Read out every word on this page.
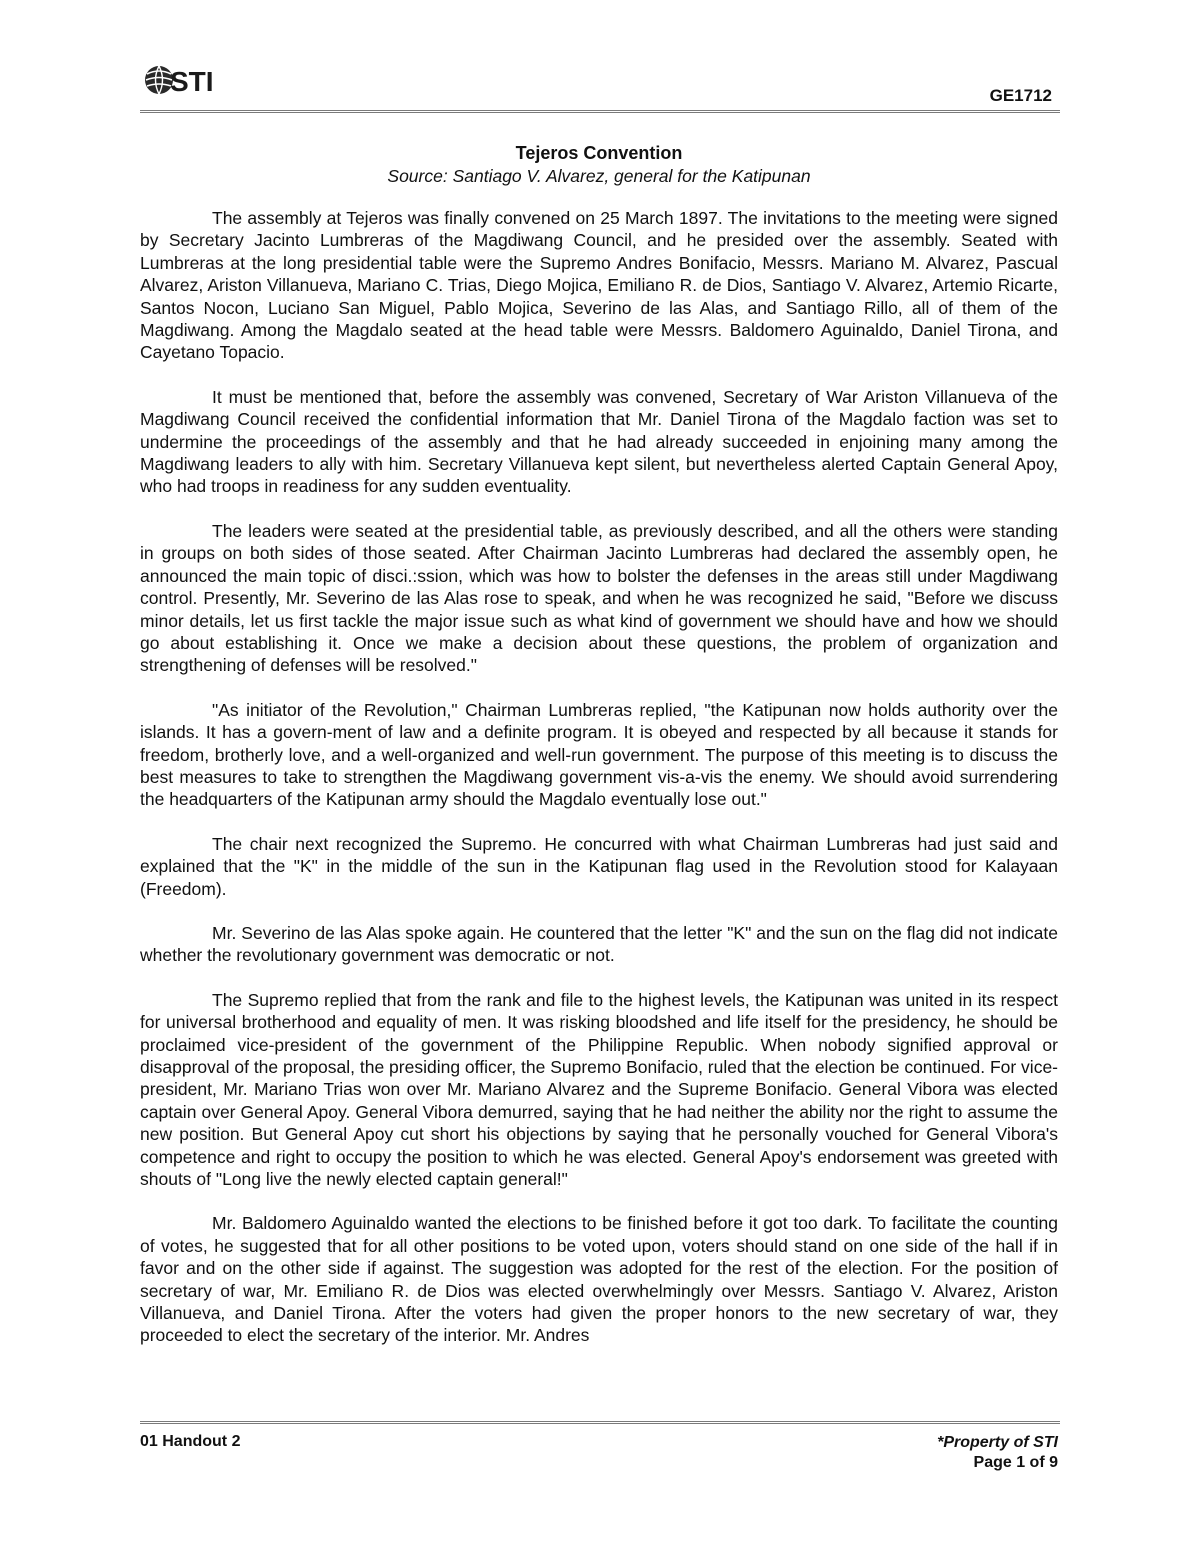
STI	GE1712

Tejeros Convention

Source: Santiago V. Alvarez, general for the Katipunan

The assembly at Tejeros was finally convened on 25 March 1897. The invitations to the meeting were signed by Secretary Jacinto Lumbreras of the Magdiwang Council, and he presided over the assembly. Seated with Lumbreras at the long presidential table were the Supremo Andres Bonifacio, Messrs. Mariano M. Alvarez, Pascual Alvarez, Ariston Villanueva, Mariano C. Trias, Diego Mojica, Emiliano R. de Dios, Santiago V. Alvarez, Artemio Ricarte, Santos Nocon, Luciano San Miguel, Pablo Mojica, Severino de las Alas, and Santiago Rillo, all of them of the Magdiwang. Among the Magdalo seated at the head table were Messrs. Baldomero Aguinaldo, Daniel Tirona, and Cayetano Topacio.

It must be mentioned that, before the assembly was convened, Secretary of War Ariston Villanueva of the Magdiwang Council received the confidential information that Mr. Daniel Tirona of the Magdalo faction was set to undermine the proceedings of the assembly and that he had already succeeded in enjoining many among the Magdiwang leaders to ally with him. Secretary Villanueva kept silent, but nevertheless alerted Captain General Apoy, who had troops in readiness for any sudden eventuality.

The leaders were seated at the presidential table, as previously described, and all the others were standing in groups on both sides of those seated. After Chairman Jacinto Lumbreras had declared the assembly open, he announced the main topic of disci.:ssion, which was how to bolster the defenses in the areas still under Magdiwang control. Presently, Mr. Severino de las Alas rose to speak, and when he was recognized he said, "Before we discuss minor details, let us first tackle the major issue such as what kind of government we should have and how we should go about establishing it. Once we make a decision about these questions, the problem of organization and strengthening of defenses will be resolved."

"As initiator of the Revolution," Chairman Lumbreras replied, "the Katipunan now holds authority over the islands. It has a govern-ment of law and a definite program. It is obeyed and respected by all because it stands for freedom, brotherly love, and a well-organized and well-run government. The purpose of this meeting is to discuss the best measures to take to strengthen the Magdiwang government vis-a-vis the enemy. We should avoid surrendering the headquarters of the Katipunan army should the Magdalo eventually lose out."

The chair next recognized the Supremo. He concurred with what Chairman Lumbreras had just said and explained that the "K" in the middle of the sun in the Katipunan flag used in the Revolution stood for Kalayaan (Freedom).

Mr. Severino de las Alas spoke again. He countered that the letter "K" and the sun on the flag did not indicate whether the revolutionary government was democratic or not.

The Supremo replied that from the rank and file to the highest levels, the Katipunan was united in its respect for universal brotherhood and equality of men. It was risking bloodshed and life itself for the presidency, he should be proclaimed vice-president of the government of the Philippine Republic. When nobody signified approval or disapproval of the proposal, the presiding officer, the Supremo Bonifacio, ruled that the election be continued. For vice-president, Mr. Mariano Trias won over Mr. Mariano Alvarez and the Supreme Bonifacio. General Vibora was elected captain over General Apoy. General Vibora demurred, saying that he had neither the ability nor the right to assume the new position. But General Apoy cut short his objections by saying that he personally vouched for General Vibora's competence and right to occupy the position to which he was elected. General Apoy's endorsement was greeted with shouts of "Long live the newly elected captain general!"

Mr. Baldomero Aguinaldo wanted the elections to be finished before it got too dark. To facilitate the counting of votes, he suggested that for all other positions to be voted upon, voters should stand on one side of the hall if in favor and on the other side if against. The suggestion was adopted for the rest of the election. For the position of secretary of war, Mr. Emiliano R. de Dios was elected overwhelmingly over Messrs. Santiago V. Alvarez, Ariston Villanueva, and Daniel Tirona. After the voters had given the proper honors to the new secretary of war, they proceeded to elect the secretary of the interior. Mr. Andres

01 Handout 2	*Property of STI
Page 1 of 9
